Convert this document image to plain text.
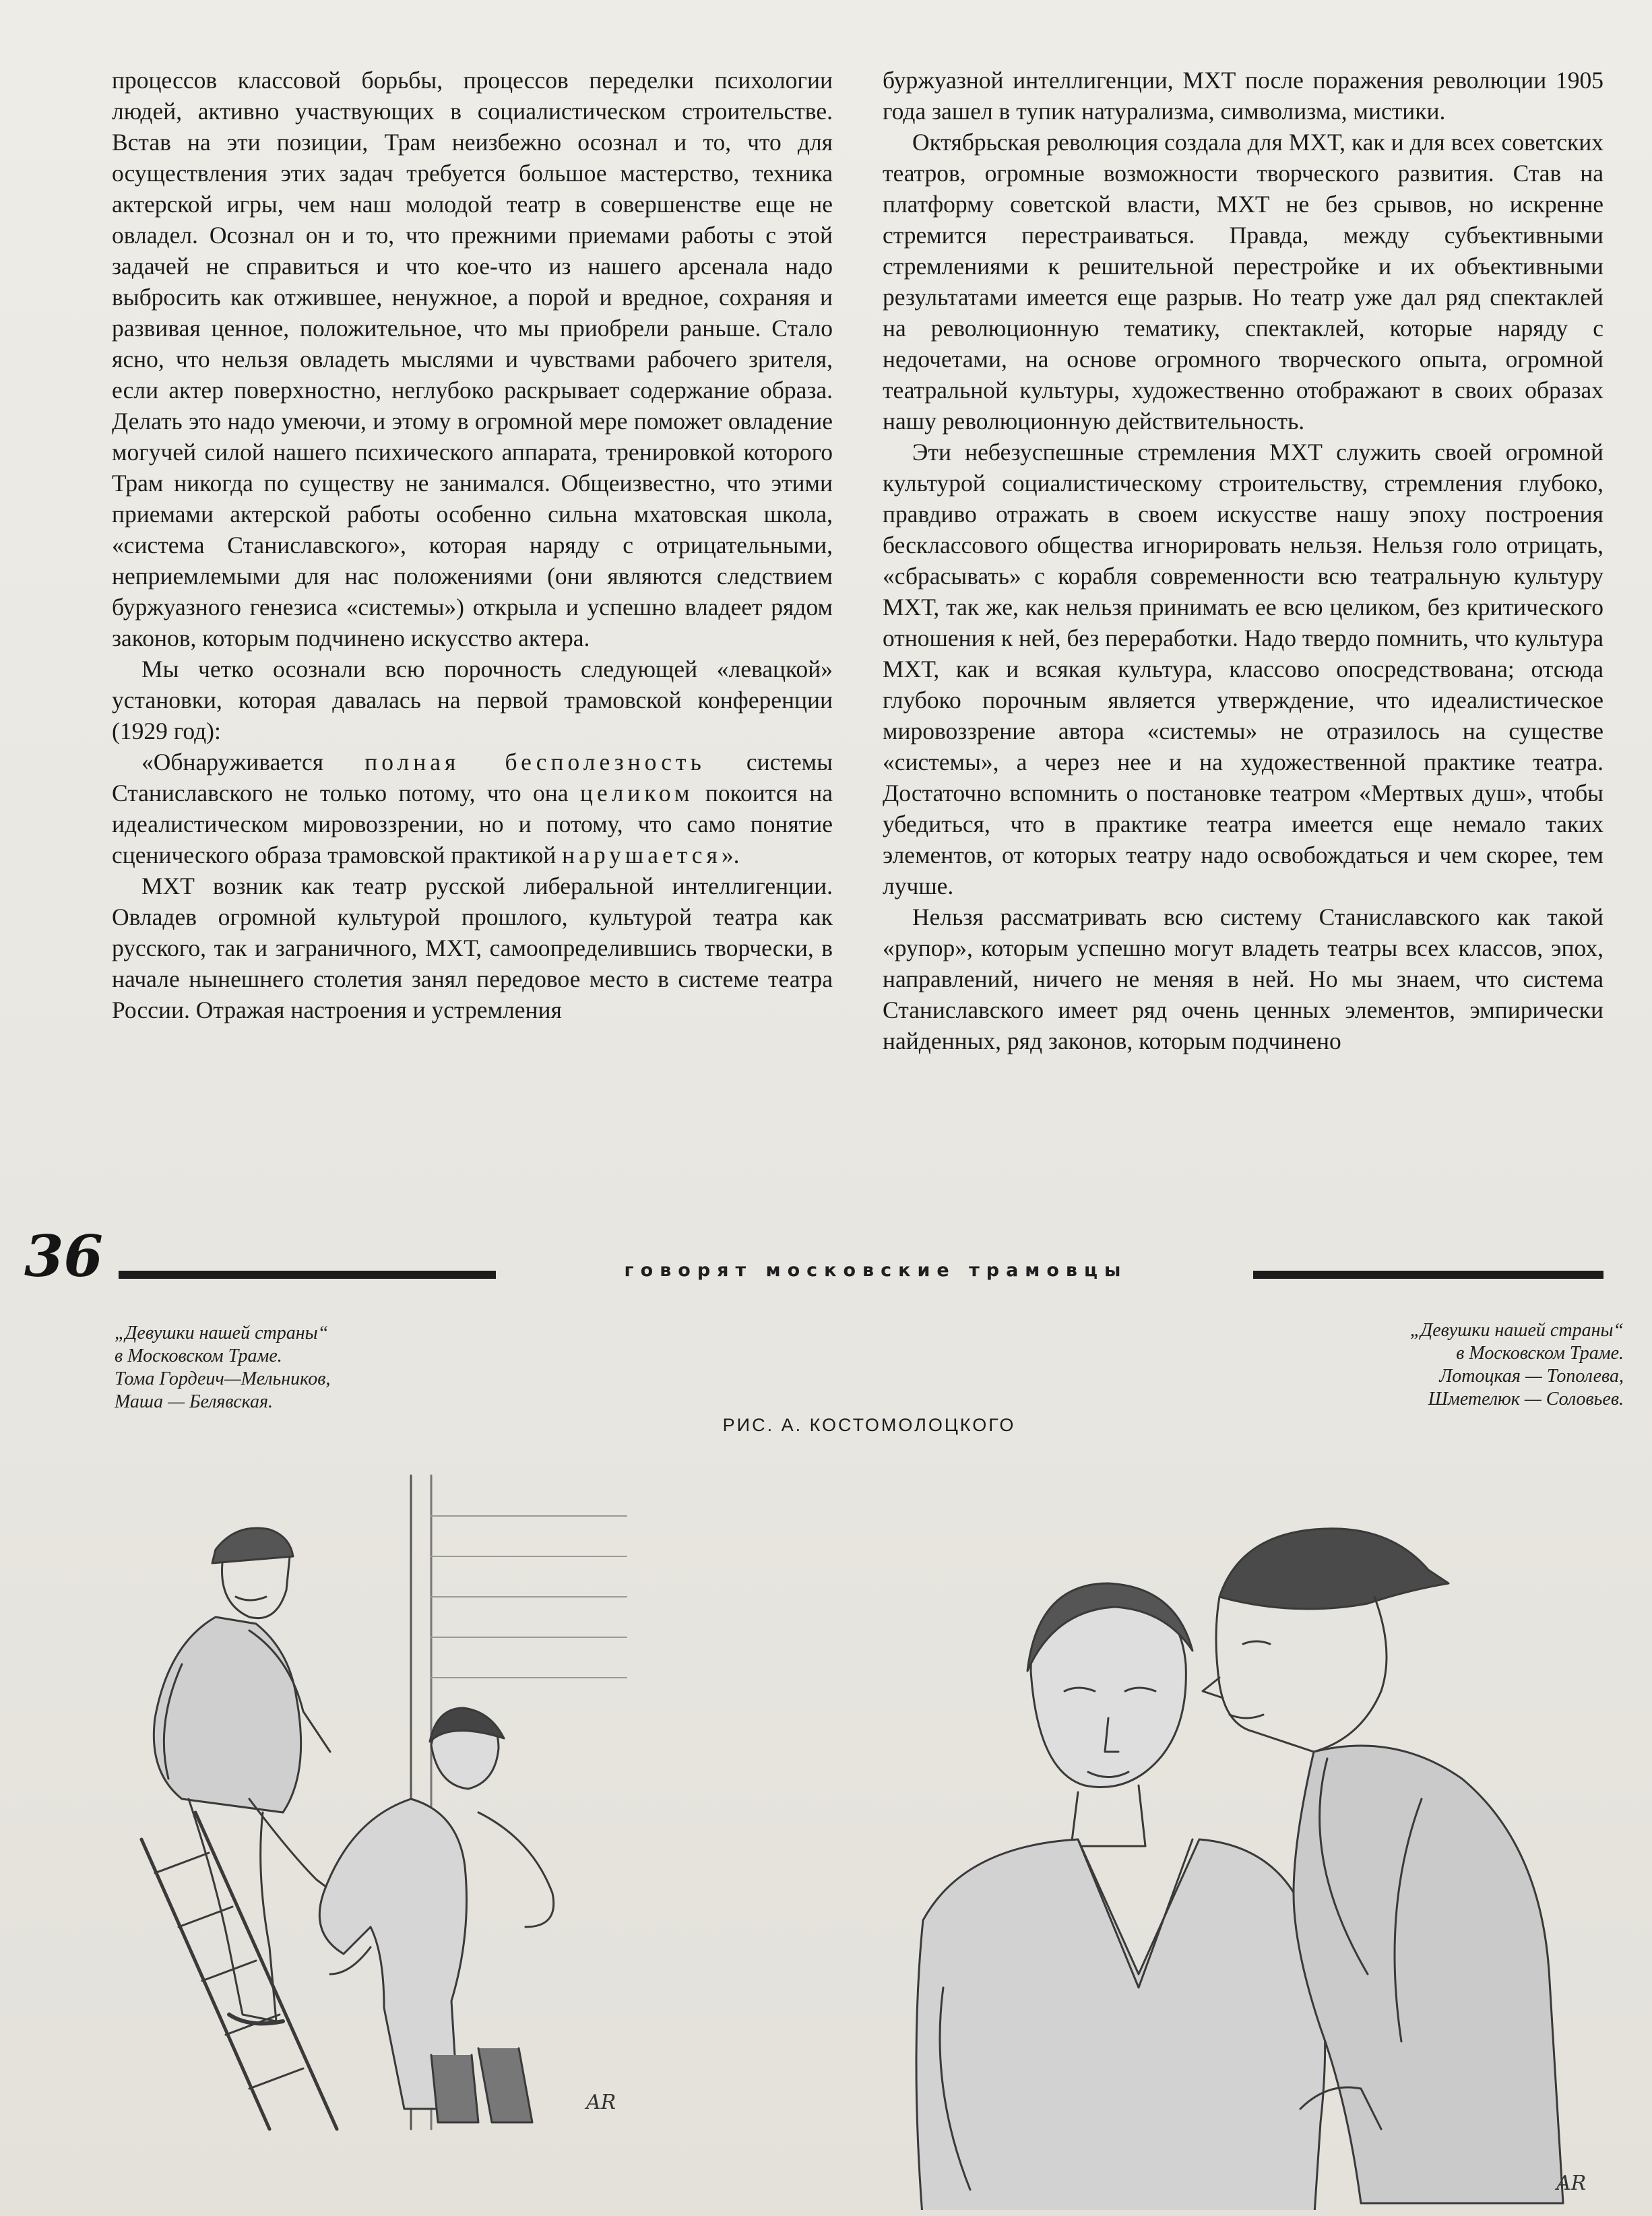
процессов классовой борьбы, процессов переделки психологии людей, активно участвующих в социалистическом строительстве. Встав на эти позиции, Трам неизбежно осознал и то, что для осуществления этих задач требуется большое мастерство, техника актерской игры, чем наш молодой театр в совершенстве еще не овладел. Осознал он и то, что прежними приемами работы с этой задачей не справиться и что кое-что из нашего арсенала надо выбросить как отжившее, ненужное, а порой и вредное, сохраняя и развивая ценное, положительное, что мы приобрели раньше. Стало ясно, что нельзя овладеть мыслями и чувствами рабочего зрителя, если актер поверхностно, неглубоко раскрывает содержание образа. Делать это надо умеючи, и этому в огромной мере поможет овладение могучей силой нашего психического аппарата, тренировкой которого Трам никогда по существу не занимался. Общеизвестно, что этими приемами актерской работы особенно сильна мхатовская школа, «система Станиславского», которая наряду с отрицательными, неприемлемыми для нас положениями (они являются следствием буржуазного генезиса «системы») открыла и успешно владеет рядом законов, которым подчинено искусство актера.

Мы четко осознали всю порочность следующей «левацкой» установки, которая давалась на первой трамовской конференции (1929 год):

«Обнаруживается полная бесполезность системы Станиславского не только потому, что она целиком покоится на идеалистическом мировоззрении, но и потому, что само понятие сценического образа трамовской практикой нарушается».

МХТ возник как театр русской либеральной интеллигенции. Овладев огромной культурой прошлого, культурой театра как русского, так и заграничного, МХТ, самоопределившись творчески, в начале нынешнего столетия занял передовое место в системе театра России. Отражая настроения и устремления

буржуазной интеллигенции, МХТ после поражения революции 1905 года зашел в тупик натурализма, символизма, мистики.

Октябрьская революция создала для МХТ, как и для всех советских театров, огромные возможности творческого развития. Став на платформу советской власти, МХТ не без срывов, но искренне стремится перестраиваться. Правда, между субъективными стремлениями к решительной перестройке и их объективными результатами имеется еще разрыв. Но театр уже дал ряд спектаклей на революционную тематику, спектаклей, которые наряду с недочетами, на основе огромного творческого опыта, огромной театральной культуры, художественно отображают в своих образах нашу революционную действительность.

Эти небезуспешные стремления МХТ служить своей огромной культурой социалистическому строительству, стремления глубоко, правдиво отражать в своем искусстве нашу эпоху построения бесклассового общества игнорировать нельзя. Нельзя голо отрицать, «сбрасывать» с корабля современности всю театральную культуру МХТ, так же, как нельзя принимать ее всю целиком, без критического отношения к ней, без переработки. Надо твердо помнить, что культура МХТ, как и всякая культура, классово опосредствована; отсюда глубоко порочным является утверждение, что идеалистическое мировоззрение автора «системы» не отразилось на существе «системы», а через нее и на художественной практике театра. Достаточно вспомнить о постановке театром «Мертвых душ», чтобы убедиться, что в практике театра имеется еще немало таких элементов, от которых театру надо освобождаться и чем скорее, тем лучше.

Нельзя рассматривать всю систему Станиславского как такой «рупор», которым успешно могут владеть театры всех классов, эпох, направлений, ничего не меняя в ней. Но мы знаем, что система Станиславского имеет ряд очень ценных элементов, эмпирически найденных, ряд законов, которым подчинено

36	говорят московские трамовцы
„Девушки нашей страны“
в Московском Траме.
Тома Гордеич—Мельников,
Маша — Белявская.
„Девушки нашей страны“
в Московском Траме.
Лотоцкая — Тополева,
Шметелюк — Соловьев.
РИС. А. КОСТОМОЛОЦКОГО
AR
AR
